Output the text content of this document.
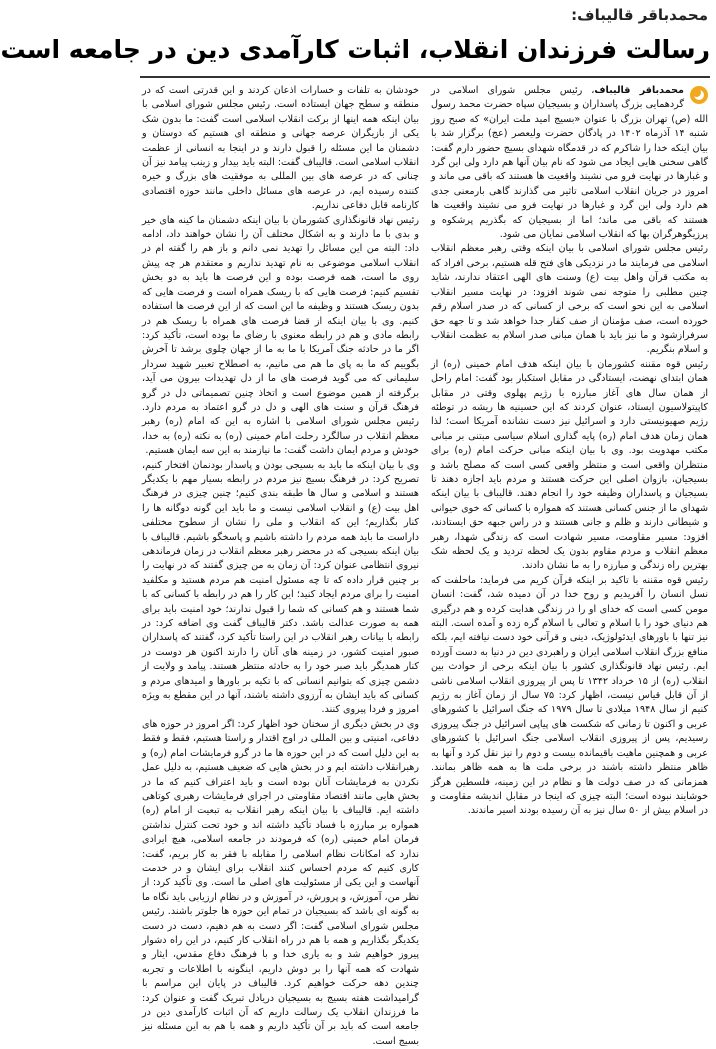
محمدباقر قالیباف:
رسالت فرزندان انقلاب، اثبات کارآمدی دین در جامعه است

محمدباقر قالیباف، رئیس مجلس شورای اسلامی در گردهمایی بزرگ پاسداران و بسیجیان سپاه حضرت محمد رسول الله (ص) تهران بزرگ با عنوان «بسیج امید ملت ایران» که صبح روز شنبه ۱۴ آذرماه ۱۴۰۲ در پادگان حضرت ولیعصر (عج) برگزار شد با بیان اینکه خدا را شاکرم که در قدمگاه شهدای بسیج حضور دارم گفت: گاهی سخنی هایی ایجاد می شود که نام بیان آنها هم دارد ولی این گرد و غبارها در نهایت فرو می نشیند واقعیت ها هستند که باقی می ماند و امروز در جریان انقلاب اسلامی تاثیر می گذارند گاهی بارمعنی جدی هم دارد ولی این گرد و غبارها در نهایت فرو می نشیند واقعیت ها هستند که باقی می ماند؛ اما از بسیجیان که بگذریم پرشکوه و پرزیگوهرگران بها که انقلاب اسلامی نمایان می شود.

رئیس مجلس شورای اسلامی با بیان اینکه وقتی رهبر معظم انقلاب اسلامی می فرمایند ما در نزدیکی های فتح قله هستیم، برخی افراد که به مکتب قرآن واهل بیت (ع) وسنت های الهی اعتقاد ندارند، شاید چنین مطلبی را متوجه نمی شوند افزود: در نهایت مسیر انقلاب اسلامی به این نحو است که برخی از کسانی که در صدر اسلام رقم خورده است، صف مؤمنان از صف کفار جدا خواهد شد و تا جهه حق سرفرازشود و ما نیز باید با همان مبانی صدر اسلام به عظمت انقلاب و اسلام بنگریم.

رئیس قوه مقننه کشورمان با بیان اینکه هدف امام خمینی (ره) از همان ابتدای نهضت، ایستادگی در مقابل استکبار بود گفت: امام راحل از همان سال های آغاز مبارزه با رژیم پهلوی وقتی در مقابل کاپیتولاسیون ایستاد، عنوان کردند که این حسینیه ها ریشه در توطئه رژیم صهیونیستی دارد و اسرائیل نیز دست نشانده آمریکا است؛ لذا همان زمان هدف امام (ره) پایه گذاری اسلام سیاسی مبتنی بر مبانی مکتب مهدویت بود. وی با بیان اینکه مبانی حرکت امام (ره) برای منتظران واقعی است و منتظر واقعی کسی است که مصلح باشد و بسیجیان، بازوان اصلی این حرکت هستند و مردم باید اجازه دهند تا بسیجیان و پاسداران وظیفه خود را انجام دهند. قالیباف با بیان اینکه شهدای ما از جنس کسانی هستند که همواره با کسانی که خوی حیوانی و شیطانی دارند و ظلم و جانی هستند و در راس جبهه حق ایستادند، افزود: مسیر مقاومت، مسیر شهادت است که زندگی شهدا، رهبر معظم انقلاب و مردم مقاوم بدون یک لحظه تردید و یک لحظه شک بهترین راه زندگی و مبارزه را به ما نشان دادند.

رئیس قوه مقننه با تاکید بر اینکه قرآن کریم می فرماید: ماحلفت که نسل انسان را آفریدیم و روح خدا در آن دمیده شد، گفت: انسان مومن کسی است که خدای او را در زندگی هدایت کرده و هم درگیری هم دنیای خود را با اسلام و تعالی با اسلام گره زده و آمده است. البته نیز تنها با باورهای ایدئولوژیک، دینی و قرآنی خود دست نیافته ایم، بلکه منافع بزرگ انقلاب اسلامی ایران و راهبردی دین در دنیا به دست آورده ایم. رئیس نهاد قانونگذاری کشور با بیان اینکه برخی از حوادث بین انقلاب (ره) از ۱۵ خرداد ۱۳۴۲ تا پس از پیروزی انقلاب اسلامی ناشی از آن قابل قیاس نیست، اظهار کرد: ۷۵ سال از زمان آغاز به رژیم کنیم از سال ۱۹۴۸ میلادی تا سال ۱۹۷۹ که جنگ اسرائیل با کشورهای عربی و اکنون تا زمانی که شکست های پیاپی اسرائیل در جنگ پیروزی رسیدیم، پس از پیروزی انقلاب اسلامی جنگ اسرائیل با کشورهای عربی و همچنین ماهیت باقیمانده بیست و دوم را نیز نقل کرد و آنها به ظاهر منتظر داشته باشند در برخی ملت ها به همه ظاهر بمانند. همزمانی که در صف دولت ها و نظام در این زمینه، فلسطین هرگز خوشایند نبوده است؛ البته چیزی که اینجا در مقابل اندیشه مقاومت و در اسلام بیش از ۵۰ سال نیز به آن رسیده بودند اسیر ماندند.

خودشان به تلفات و خسارات اذعان کردند و این قدرتی است که در منطقه و سطح جهان ایستاده است. رئیس مجلس شورای اسلامی با بیان اینکه همه اینها از برکت انقلاب اسلامی است گفت: ما بدون شک یکی از بازیگران عرصه جهانی و منطقه ای هستیم که دوستان و دشمنان ما این مسئله را قبول دارند و در اینجا به انسانی از عظمت انقلاب اسلامی است. قالیباف گفت: البته باید بیدار و زینب پیامد نیز آن چنانی که در عرصه های بین المللی به موفقیت های بزرگ و خیره کننده رسیده ایم، در عرصه های مسائل داخلی مانند حوزه اقتصادی کارنامه قابل دفاعی نداریم.

رئیس نهاد قانونگذاری کشورمان با بیان اینکه دشمنان ما کینه های خیر و بدی با ما دارند و به اشکال مختلف آن را نشان خواهند داد، ادامه داد: البته من این مسائل را تهدید نمی دانم و باز هم را گفته ام در انقلاب اسلامی موضوعی به نام تهدید نداریم و معتقدم هر چه پیش روی ما است، همه فرصت بوده و این فرصت ها باید به دو بخش تقسیم کنیم: فرصت هایی که با ریسک همراه است و فرصت هایی که بدون ریسک هستند و وظیفه ما این است که از این فرصت ها استفاده کنیم. وی با بیان اینکه از قضا فرصت های همراه با ریسک هم در رابطه مادی و هم در رابطه معنوی با رضای ما بوده است، تأکید کرد: اگر ما در حادثه جنگ آمریکا با ما به ما از جهان چلوی برشد تا آخرش بگوییم که ما به پای ما هم می مانیم، به اصطلاح تعبیر شهید سردار سلیمانی که می گوید فرصت های ما از دل تهدیدات بیرون می آید، برگرفته از همین موضوع است و اتخاذ چنین تصمیماتی دل در گرو فرهنگ قرآن و سنت های الهی و دل در گرو اعتماد به مردم دارد. رئیس مجلس شورای اسلامی با اشاره به این که امام (ره) رهبر معظم انقلاب در سالگرد رحلت امام خمینی (ره) به نکته (ره) به خدا، خودش و مردم ایمان داشت گفت: ما نیازمند به این سه ایمان هستیم.

وی با بیان اینکه ما باید به بسیجی بودن و پاسدار بودنمان افتخار کنیم، تصریح کرد: در فرهنگ بسیج نیز مردم در رابطه بسیار مهم با یکدیگر هستند و اسلامی و سال ها طبقه بندی کنیم؛ چنین چیزی در فرهنگ اهل بیت (ع) و انقلاب اسلامی نیست و ما باید این گونه دوگانه ها را کنار بگذاریم؛ این که انقلاب و ملی را نشان از سطوح مختلفی داراست ما باید همه مردم را داشته باشیم و پاسخگو باشیم. قالیباف با بیان اینکه بسیجی که در محضر رهبر معظم انقلاب در زمان فرماندهی نیروی انتظامی عنوان کرد: آن زمان به من چیزی گفتند که در نهایت را بر چنین قرار داده که تا چه مسئول امنیت هم مردم هستید و مکلفید امنیت را برای مردم ایجاد کنید؛ این کار را هم در رابطه با کسانی که با شما هستند و هم کسانی که شما را قبول ندارند؛ خود امنیت باید برای همه به صورت عدالت باشد. دکتر قالیباف گفت وی اضافه کرد: در رابطه با بیانات رهبر انقلاب در این راستا تأکید کرد، گفتند که پاسداران صبور امنیت کشور، در زمینه های آنان را دارند اکنون هر دوست در کنار همدیگر باید صبر خود را به حادثه منتظر هستند. پیامد و ولایت از دشمن چیزی که بتوانیم انسانی که با تکیه بر باورها و امیدهای مردم و کسانی که باید ایشان به آرزوی داشته باشند، آنها در این مقطع به ویژه امروز و فردا پیروی کنند.

وی در بخش دیگری از سخنان خود اظهار کرد: اگر امروز در حوزه های دفاعی، امنیتی و بین المللی در اوج اقتدار و راستا هستیم، فقط و فقط به این دلیل است که در این حوزه ها ما در گرو فرمایشات امام (ره) و رهبرانقلاب داشته ایم و در بخش هایی که ضعیف هستیم، به دلیل عمل نکردن به فرمایشات آنان بوده است و باید اعتراف کنیم که ما در بخش هایی مانند اقتصاد مقاومتی در اجرای فرمایشات رهبری کوتاهی داشته ایم. قالیباف با بیان اینکه رهبر انقلاب به تبعیت از امام (ره) همواره بر مبارزه با فساد تأکید داشته اند و خود تحت کنترل نداشتن فرمان امام خمینی (ره) که فرمودند در جامعه اسلامی، هیچ ایرادی ندارد که امکانات نظام اسلامی را مقابله با فقر به کار بریم، گفت: کاری کنیم که مردم احساس کنند انقلاب برای ایشان و در خدمت آنهاست و این یکی از مسئولیت های اصلی ما است. وی تأکید کرد: از نظر من، آموزش، و پرورش، در آموزش و در نظام ارزیابی باید نگاه ما به گونه ای باشد که بسیجیان در تمام این حوزه ها جلوتر باشند. رئیس مجلس شورای اسلامی گفت: اگر دست به هم دهیم، دست در دست یکدیگر بگذاریم و همه با هم در راه انقلاب کار کنیم، در این راه دشوار پیروز خواهیم شد و به یاری خدا و با فرهنگ دفاع مقدس، ایثار و شهادت که همه آنها را بر دوش داریم، اینگونه با اطلاعات و تجربه چندین دهه حرکت خواهیم کرد. قالیباف در پایان این مراسم با گرامیداشت هفته بسیج به بسیجیان دریادل تبریک گفت و عنوان کرد: ما فرزندان انقلاب یک رسالت داریم که آن اثبات کارآمدی دین در جامعه است که باید بر آن تأکید داریم و همه با هم به این مسئله نیز بسیج است.
